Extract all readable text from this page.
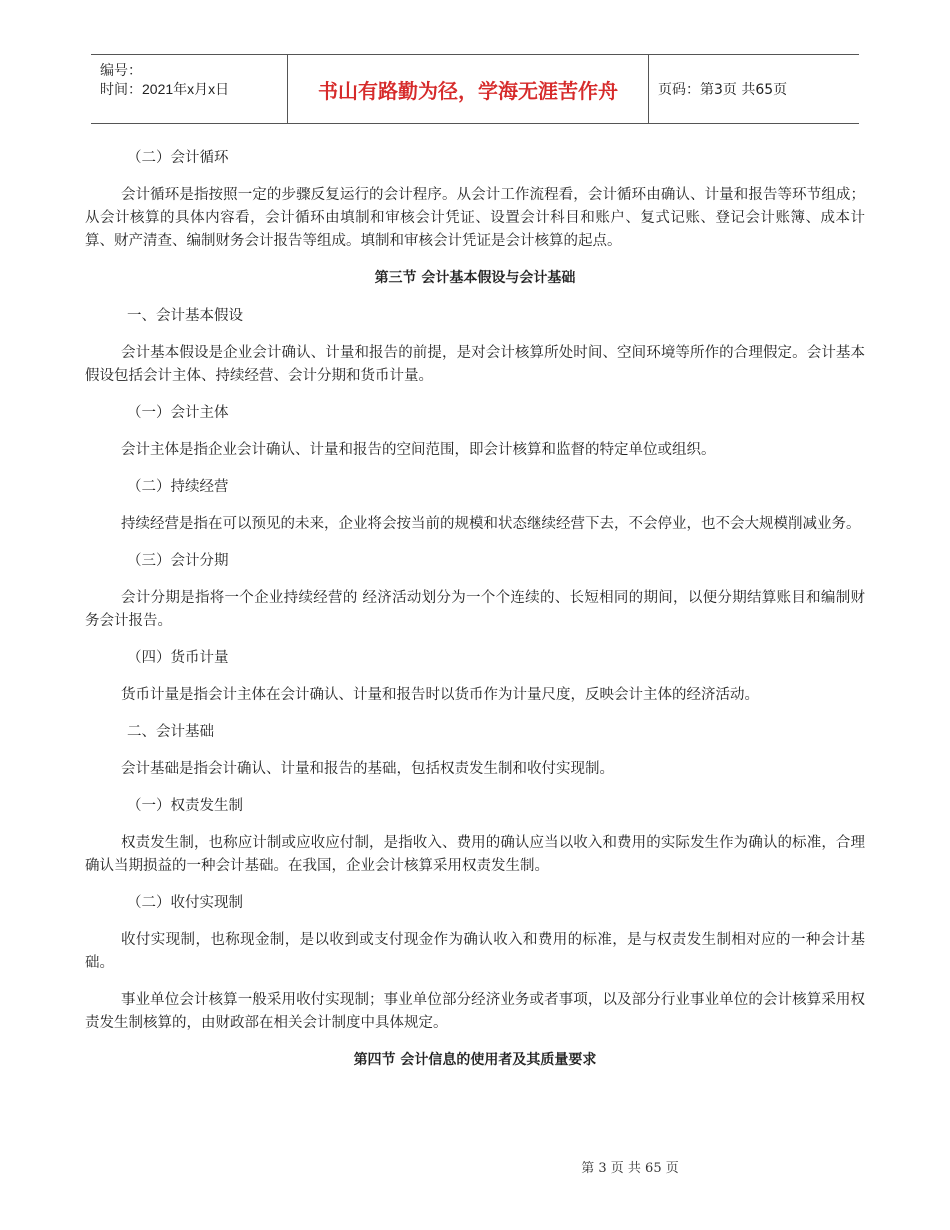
编号：
时间：2021年x月x日	书山有路勤为径，学海无涯苦作舟	页码：第3页 共65页

（二）会计循环

会计循环是指按照一定的步骤反复运行的会计程序。从会计工作流程看，会计循环由确认、计量和报告等环节组成；从会计核算的具体内容看，会计循环由填制和审核会计凭证、设置会计科目和账户、复式记账、登记会计账簿、成本计算、财产清查、编制财务会计报告等组成。填制和审核会计凭证是会计核算的起点。

第三节 会计基本假设与会计基础

一、会计基本假设

会计基本假设是企业会计确认、计量和报告的前提，是对会计核算所处时间、空间环境等所作的合理假定。会计基本假设包括会计主体、持续经营、会计分期和货币计量。

（一）会计主体

会计主体是指企业会计确认、计量和报告的空间范围，即会计核算和监督的特定单位或组织。

（二）持续经营

持续经营是指在可以预见的未来，企业将会按当前的规模和状态继续经营下去，不会停业，也不会大规模削减业务。

（三）会计分期

会计分期是指将一个企业持续经营的 经济活动划分为一个个连续的、长短相同的期间，以便分期结算账目和编制财务会计报告。

（四）货币计量

货币计量是指会计主体在会计确认、计量和报告时以货币作为计量尺度，反映会计主体的经济活动。

二、会计基础

会计基础是指会计确认、计量和报告的基础，包括权责发生制和收付实现制。

（一）权责发生制

权责发生制，也称应计制或应收应付制，是指收入、费用的确认应当以收入和费用的实际发生作为确认的标准，合理确认当期损益的一种会计基础。在我国，企业会计核算采用权责发生制。

（二）收付实现制

收付实现制，也称现金制，是以收到或支付现金作为确认收入和费用的标准，是与权责发生制相对应的一种会计基础。

事业单位会计核算一般采用收付实现制；事业单位部分经济业务或者事项，以及部分行业事业单位的会计核算采用权责发生制核算的，由财政部在相关会计制度中具体规定。

第四节 会计信息的使用者及其质量要求

第 3 页 共 65 页
